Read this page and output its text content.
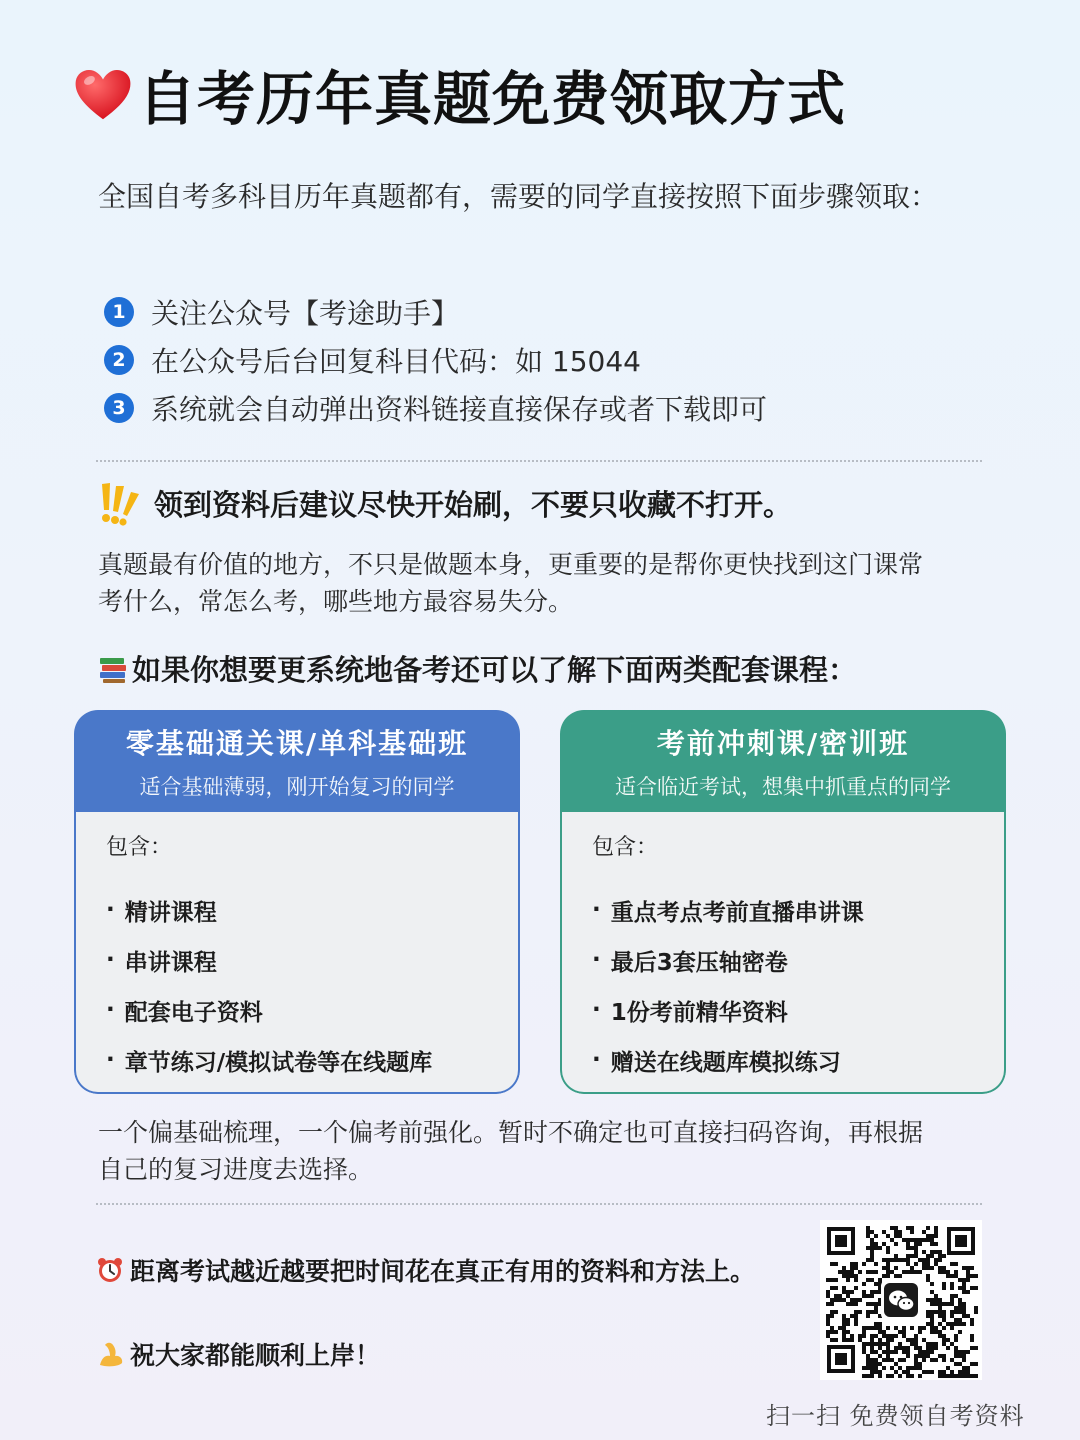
自考历年真题免费领取方式
全国自考多科目历年真题都有，需要的同学直接按照下面步骤领取：
1 关注公众号【考途助手】
2 在公众号后台回复科目代码：如 15044
3 系统就会自动弹出资料链接直接保存或者下载即可
领到资料后建议尽快开始刷，不要只收藏不打开。
真题最有价值的地方，不只是做题本身，更重要的是帮你更快找到这门课常考什么，常怎么考，哪些地方最容易失分。
如果你想要更系统地备考还可以了解下面两类配套课程：
零基础通关课/单科基础班
适合基础薄弱，刚开始复习的同学
包含：
· 精讲课程
· 串讲课程
· 配套电子资料
· 章节练习/模拟试卷等在线题库
考前冲刺课/密训班
适合临近考试，想集中抓重点的同学
包含：
· 重点考点考前直播串讲课
· 最后3套压轴密卷
· 1份考前精华资料
· 赠送在线题库模拟练习
一个偏基础梳理，一个偏考前强化。暂时不确定也可直接扫码咨询，再根据自己的复习进度去选择。
距离考试越近越要把时间花在真正有用的资料和方法上。
祝大家都能顺利上岸！
扫一扫 免费领自考资料
